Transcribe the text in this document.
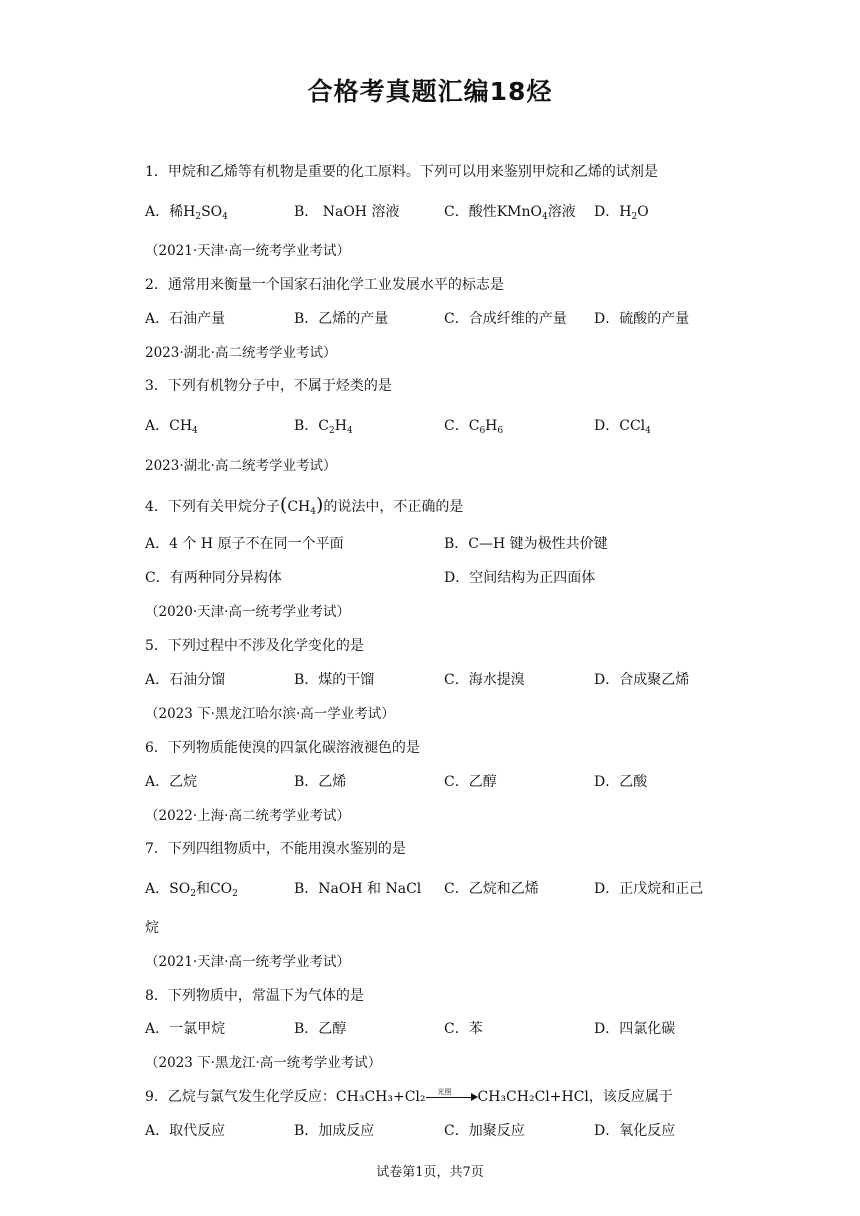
合格考真题汇编18烃
1．甲烷和乙烯等有机物是重要的化工原料。下列可以用来鉴别甲烷和乙烯的试剂是
A．稀$H_2SO_4$	B． NaOH 溶液	C．酸性KMnO$_4$溶液 D．$H_2O$
（2021·天津·高一统考学业考试）
2．通常用来衡量一个国家石油化学工业发展水平的标志是
A．石油产量	B．乙烯的产量	C．合成纤维的产量 D．硫酸的产量
2023·湖北·高二统考学业考试）
3．下列有机物分子中，不属于烃类的是
A．$CH_4$	B．$C_2H_4$	C．$C_6H_6$	D．CCl$_4$
2023·湖北·高二统考学业考试）
4．下列有关甲烷分子$(CH_4)$的说法中，不正确的是
A．4 个 H 原子不在同一个平面	B．C—H 键为极性共价键
C．有两种同分异构体	D．空间结构为正四面体
（2020·天津·高一统考学业考试）
5．下列过程中不涉及化学变化的是
A．石油分馏	B．煤的干馏	C．海水提溴	D．合成聚乙烯
（2023 下·黑龙江哈尔滨·高一学业考试）
6．下列物质能使溴的四氯化碳溶液褪色的是
A．乙烷	B．乙烯	C．乙醇	D．乙酸
（2022·上海·高二统考学业考试）
7．下列四组物质中，不能用溴水鉴别的是
A．$SO_2$和$CO_2$	B．NaOH 和 NaCl C．乙烷和乙烯	D．正戊烷和正己
烷
（2021·天津·高一统考学业考试）
8．下列物质中，常温下为气体的是
A．一氯甲烷	B．乙醇	C．苯	D．四氯化碳
（2023 下·黑龙江·高一统考学业考试）
9．乙烷与氯气发生化学反应：CH₃CH₃+Cl₂ 光照 CH₃CH₂Cl+HCl，该反应属于
A．取代反应	B．加成反应	C．加聚反应	D．氧化反应
试卷第1页，共7页
